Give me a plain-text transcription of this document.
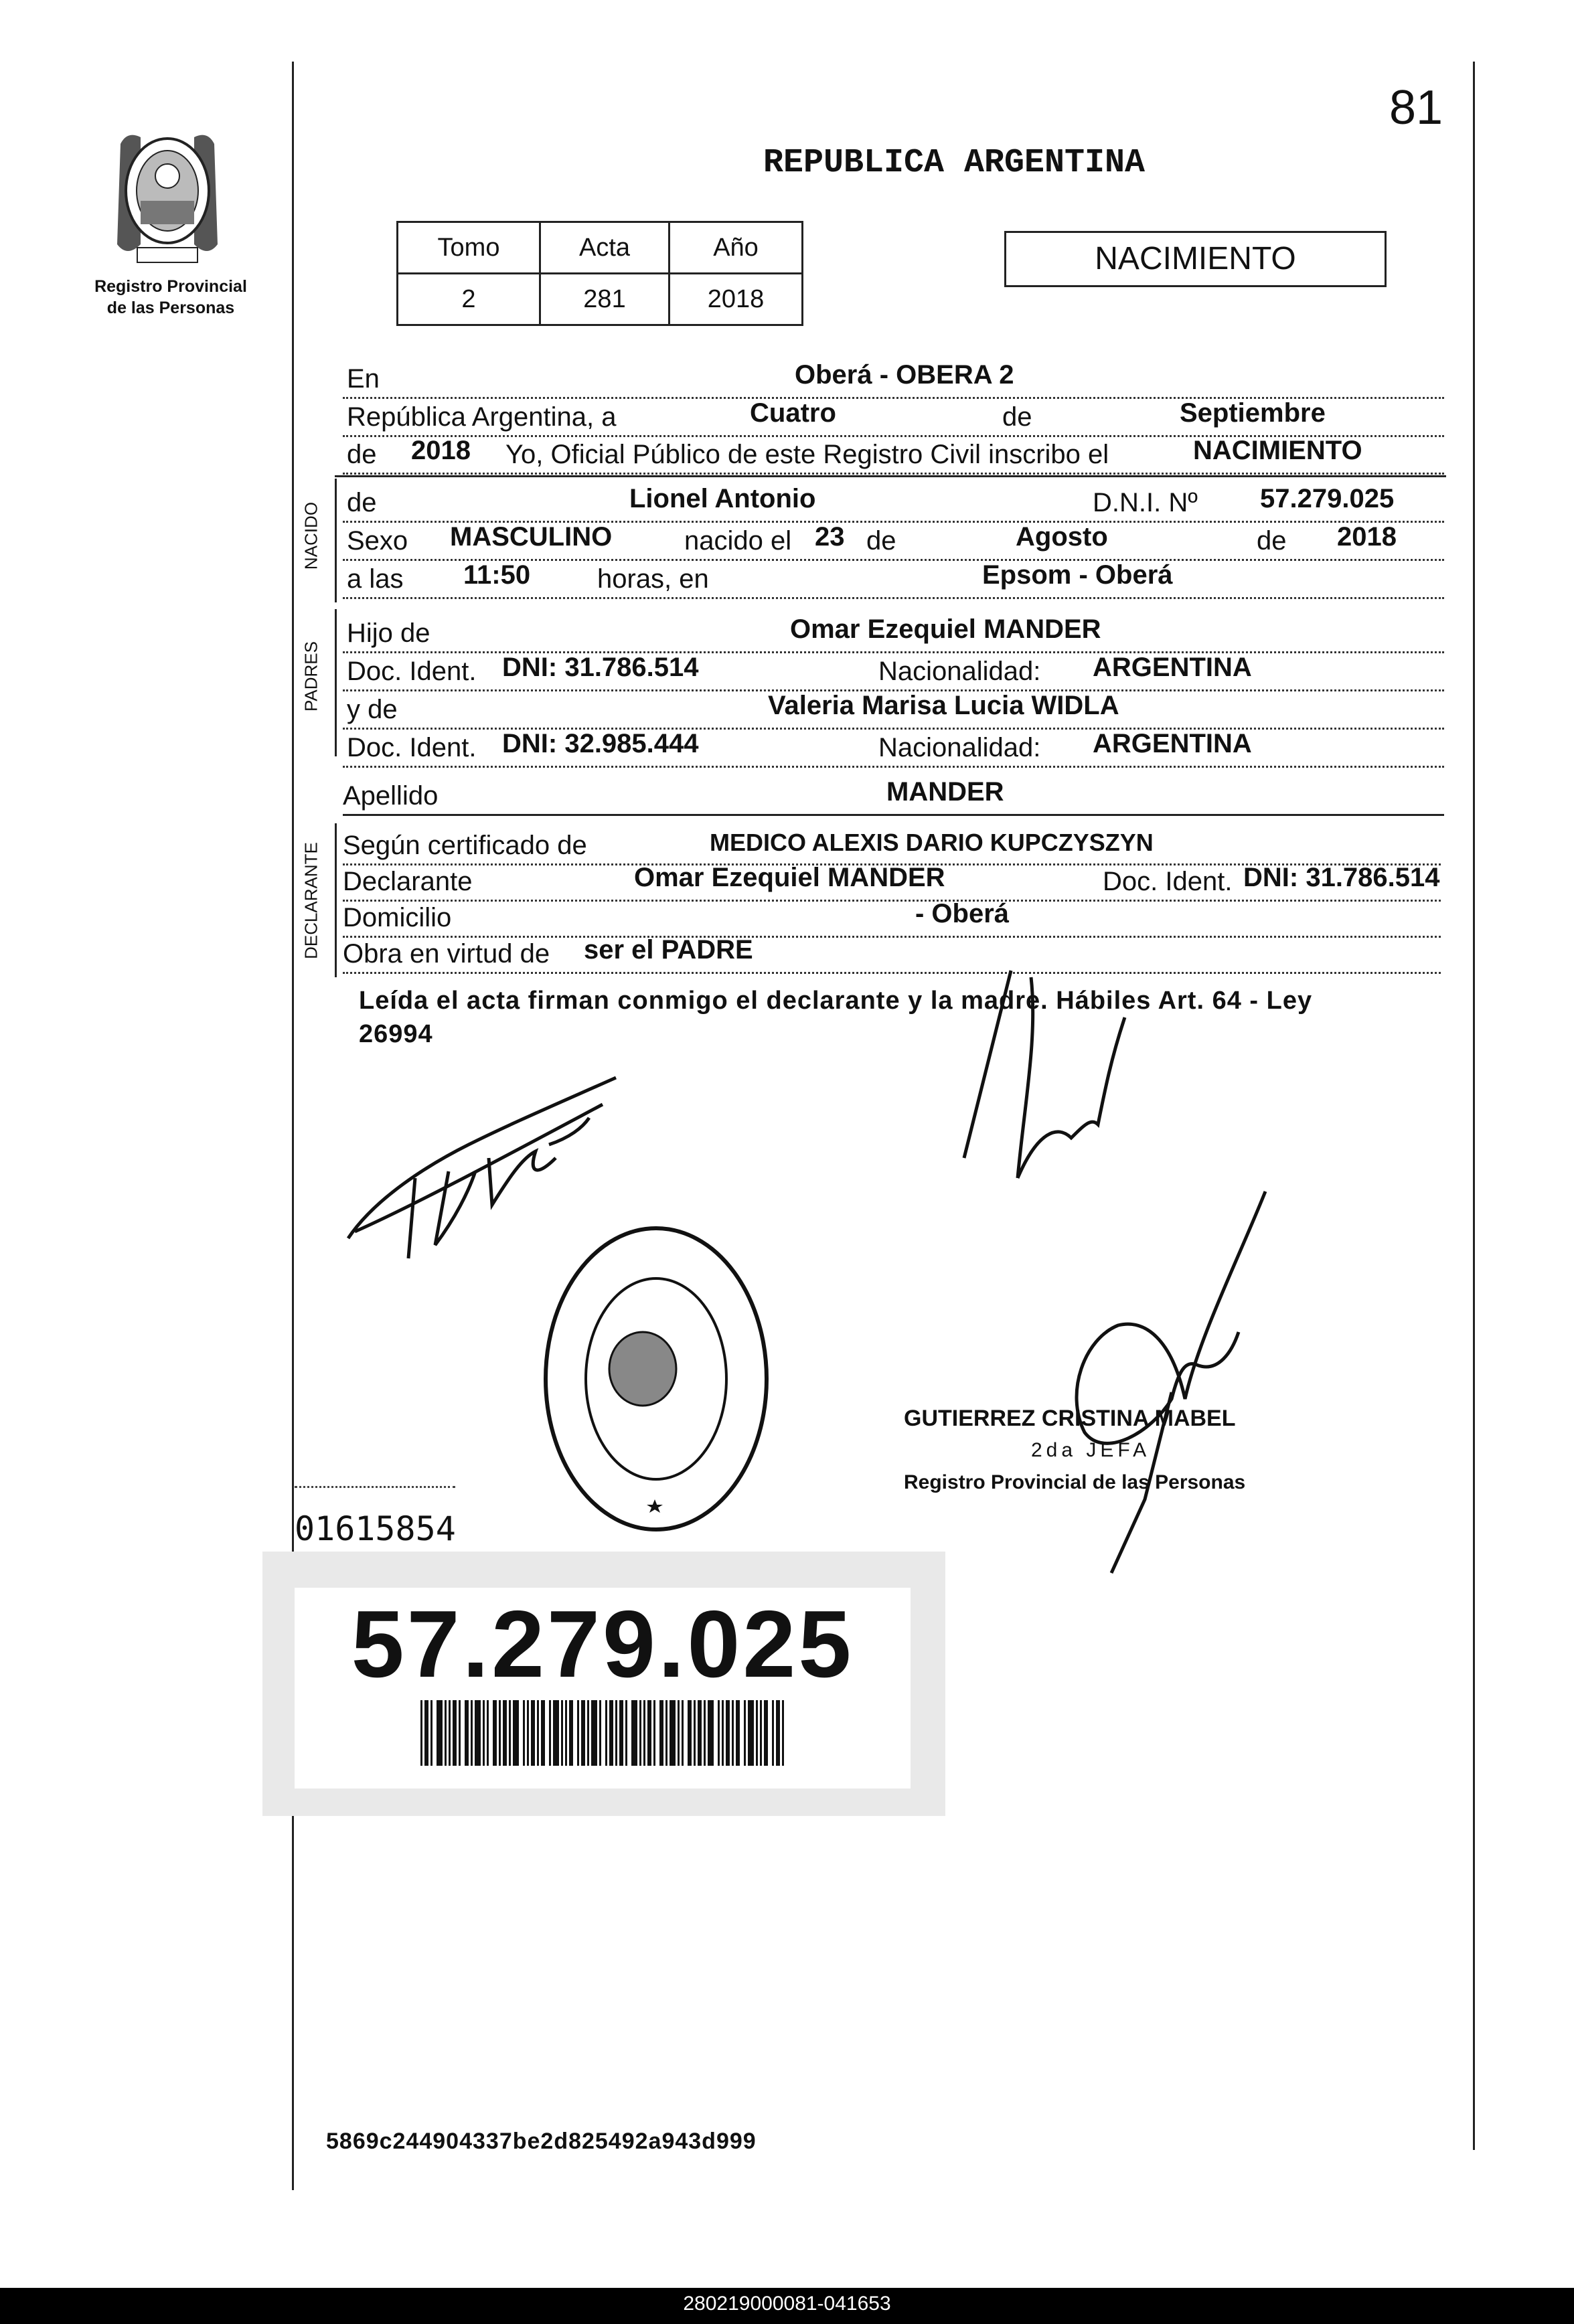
81
Registro Provincial
de las Personas
REPUBLICA ARGENTINA
Tomo	Acta	Año
2	281	2018
NACIMIENTO
En	Oberá - OBERA 2
República Argentina, a	Cuatro	de	Septiembre
de 2018 Yo, Oficial Público de este Registro Civil inscribo el	NACIMIENTO
NACIDO de	Lionel Antonio	D.N.I. Nº 57.279.025
Sexo MASCULINO	nacido el 23 de	Agosto	de 2018
a las 11:50 horas, en	Epsom - Oberá
PADRES
Hijo de	Omar Ezequiel MANDER
Doc. Ident. DNI: 31.786.514	Nacionalidad: ARGENTINA
y de	Valeria Marisa Lucia WIDLA
Doc. Ident. DNI: 32.985.444	Nacionalidad: ARGENTINA
Apellido	MANDER
DECLARANTE Según certificado de	MEDICO ALEXIS DARIO KUPCZYSZYN
Declarante	Omar Ezequiel MANDER	Doc. Ident. DNI: 31.786.514
Domicilio	- Oberá
Obra en virtud de ser el PADRE
Leída el acta firman conmigo el declarante y la madre. Hábiles Art. 64 - Ley
26994
GUTIERREZ CRISTINA MABEL
2da JEFA
Registro Provincial de las Personas
01615854
57.279.025
5869c244904337be2d825492a943d999
280219000081-041653
